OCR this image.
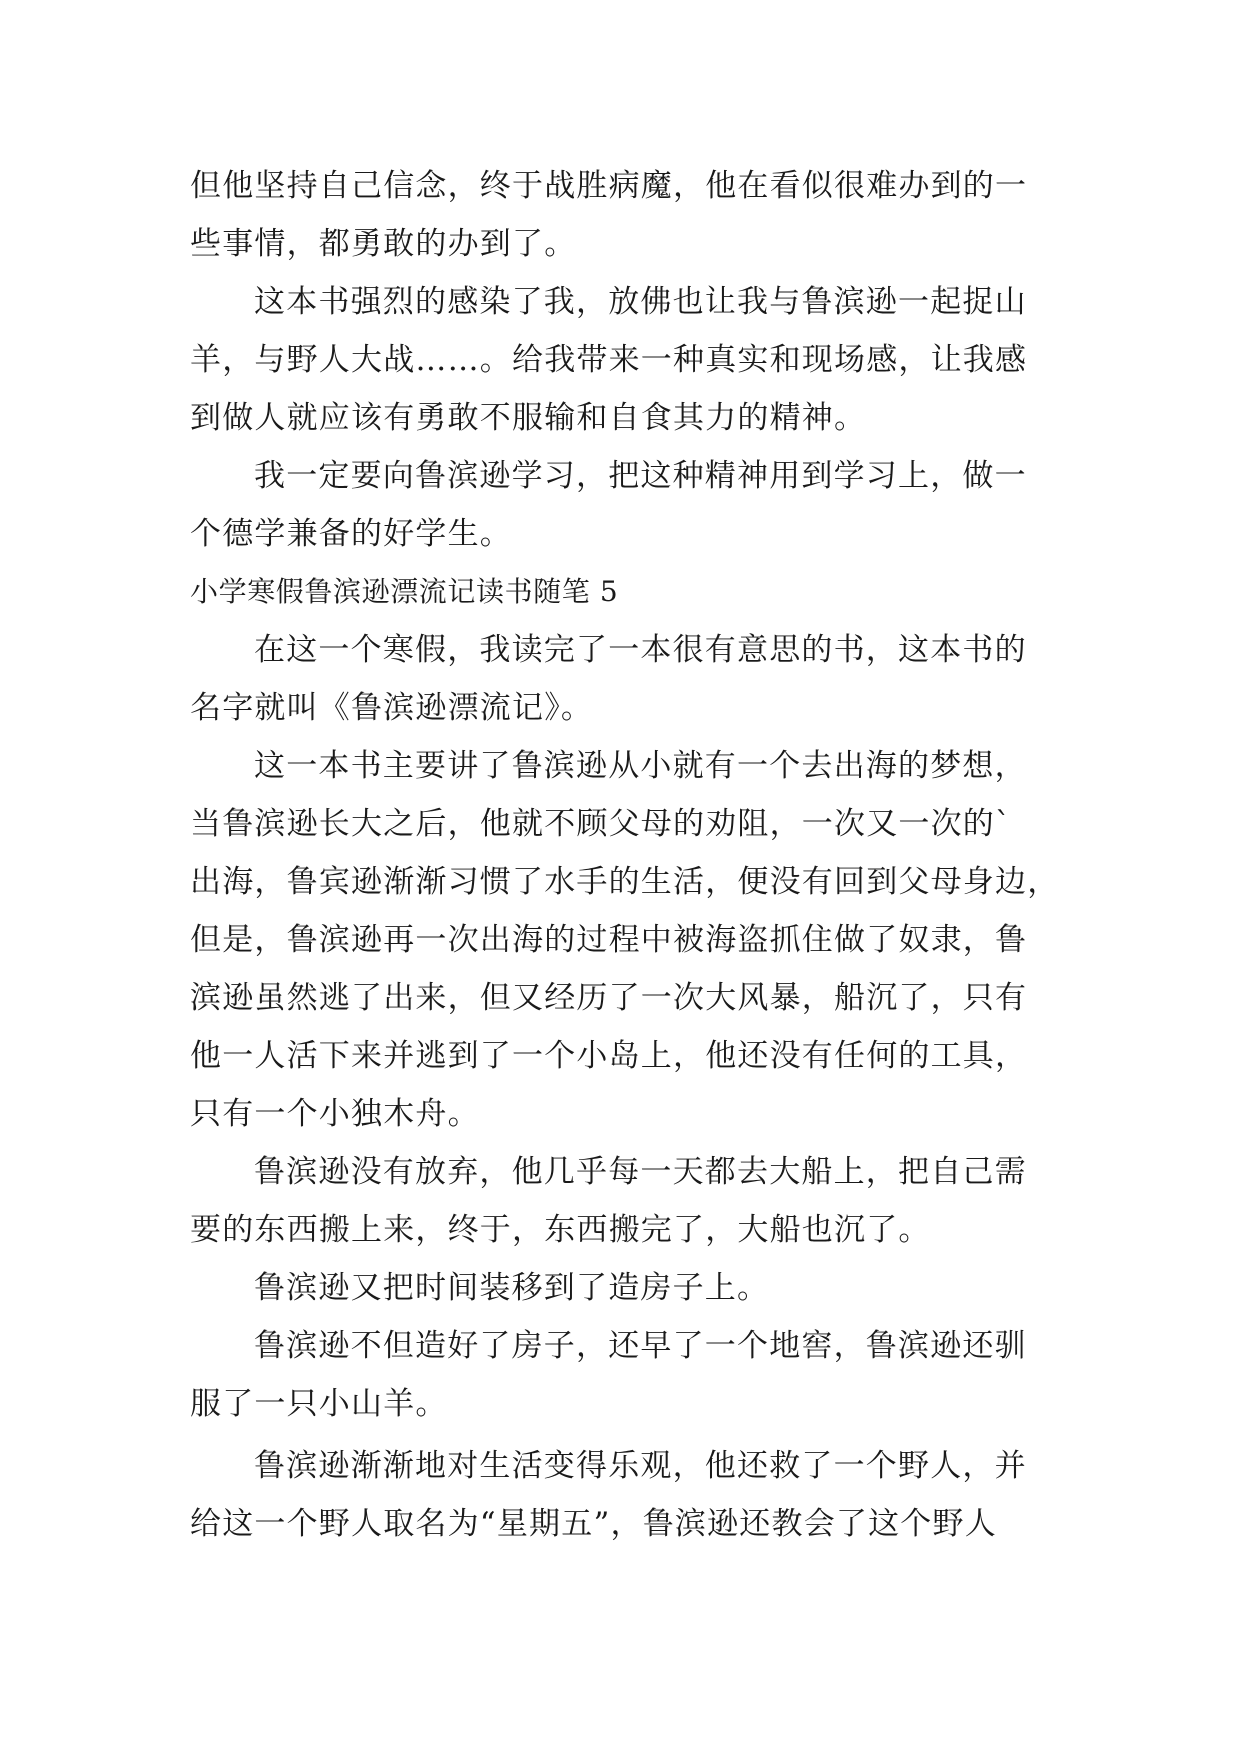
但他坚持自己信念，终于战胜病魔，他在看似很难办到的一
些事情，都勇敢的办到了。
这本书强烈的感染了我，放佛也让我与鲁滨逊一起捉山
羊，与野人大战……。给我带来一种真实和现场感，让我感
到做人就应该有勇敢不服输和自食其力的精神。
我一定要向鲁滨逊学习，把这种精神用到学习上，做一
个德学兼备的好学生。
小学寒假鲁滨逊漂流记读书随笔 5
在这一个寒假，我读完了一本很有意思的书，这本书的
名字就叫《鲁滨逊漂流记》。
这一本书主要讲了鲁滨逊从小就有一个去出海的梦想，
当鲁滨逊长大之后，他就不顾父母的劝阻，一次又一次的`
出海，鲁宾逊渐渐习惯了水手的生活，便没有回到父母身边，
但是，鲁滨逊再一次出海的过程中被海盗抓住做了奴隶，鲁
滨逊虽然逃了出来，但又经历了一次大风暴，船沉了，只有
他一人活下来并逃到了一个小岛上，他还没有任何的工具，
只有一个小独木舟。
鲁滨逊没有放弃，他几乎每一天都去大船上，把自己需
要的东西搬上来，终于，东西搬完了，大船也沉了。
鲁滨逊又把时间装移到了造房子上。
鲁滨逊不但造好了房子，还早了一个地窖，鲁滨逊还驯
服了一只小山羊。
鲁滨逊渐渐地对生活变得乐观，他还救了一个野人，并
给这一个野人取名为“星期五”，鲁滨逊还教会了这个野人
